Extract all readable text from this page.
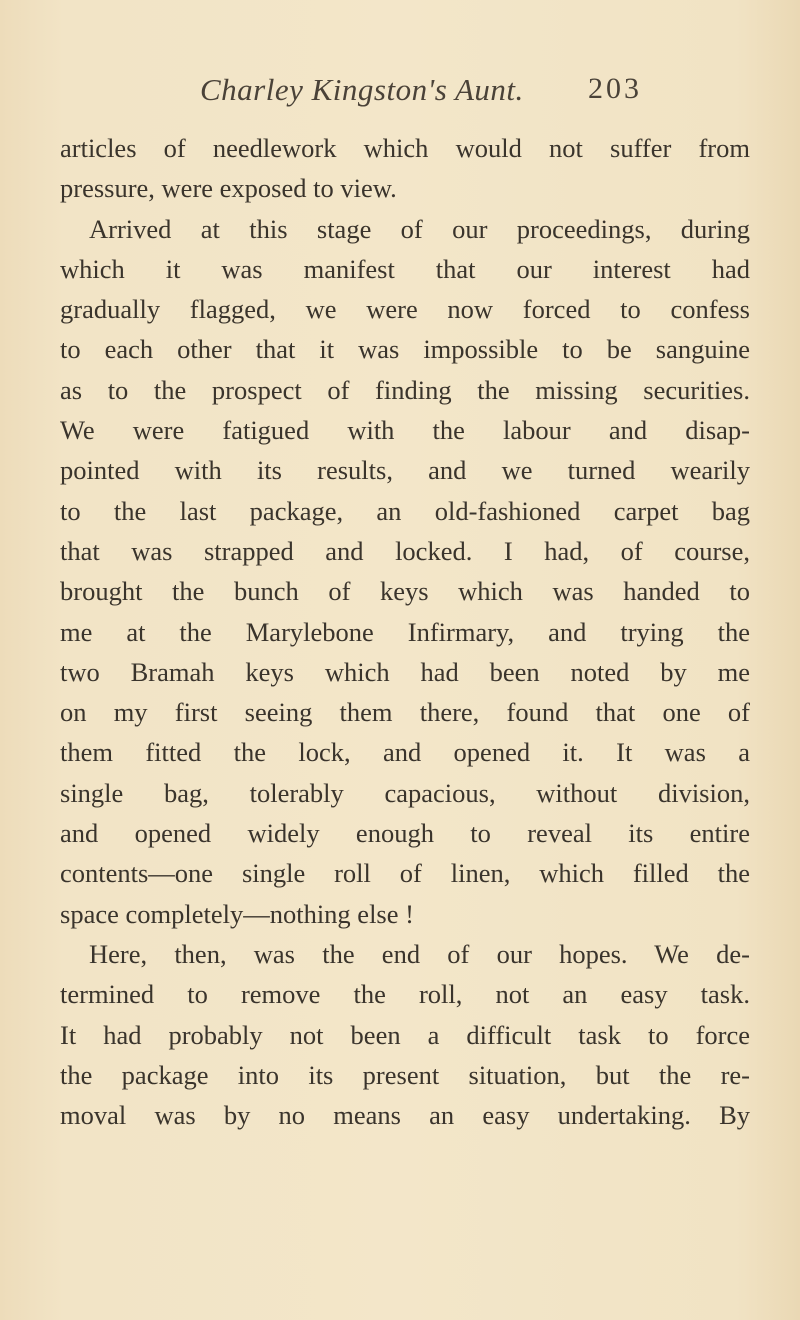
Charley Kingston's Aunt. 203
articles of needlework which would not suffer from
pressure, were exposed to view.
Arrived at this stage of our proceedings, during
which it was manifest that our interest had
gradually flagged, we were now forced to confess
to each other that it was impossible to be sanguine
as to the prospect of finding the missing securities.
We were fatigued with the labour and disap-
pointed with its results, and we turned wearily
to the last package, an old-fashioned carpet bag
that was strapped and locked. I had, of course,
brought the bunch of keys which was handed to
me at the Marylebone Infirmary, and trying the
two Bramah keys which had been noted by me
on my first seeing them there, found that one of
them fitted the lock, and opened it. It was a
single bag, tolerably capacious, without division,
and opened widely enough to reveal its entire
contents—one single roll of linen, which filled the
space completely—nothing else !
Here, then, was the end of our hopes. We de-
termined to remove the roll, not an easy task.
It had probably not been a difficult task to force
the package into its present situation, but the re-
moval was by no means an easy undertaking. By
